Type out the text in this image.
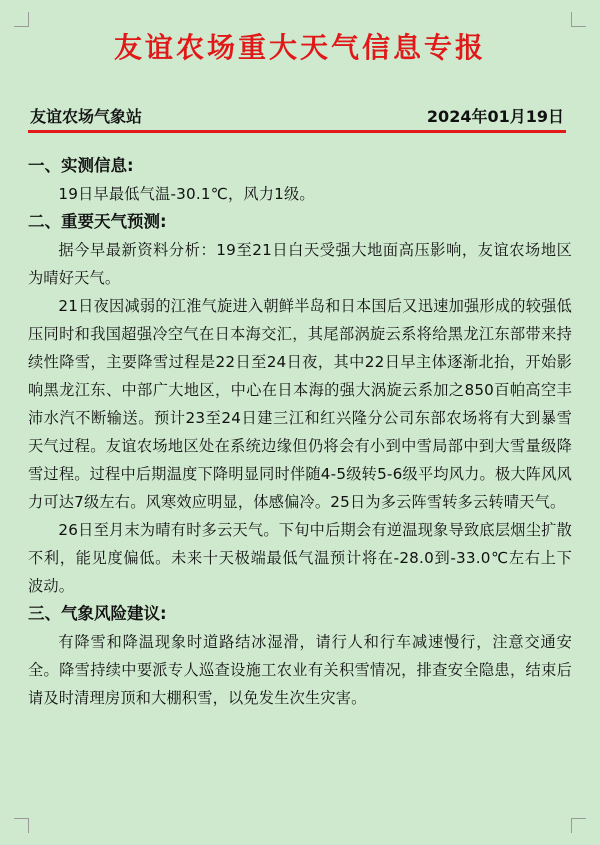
友谊农场重大天气信息专报
友谊农场气象站	2024年01月19日

一、实测信息:

19日早最低气温-30.1℃，风力1级。

二、重要天气预测:

据今早最新资料分析：19至21日白天受强大地面高压影响，友谊农场地区为晴好天气。

21日夜因减弱的江淮气旋进入朝鲜半岛和日本国后又迅速加强形成的较强低压同时和我国超强冷空气在日本海交汇，其尾部涡旋云系将给黑龙江东部带来持续性降雪，主要降雪过程是22日至24日夜，其中22日早主体逐渐北抬，开始影响黑龙江东、中部广大地区，中心在日本海的强大涡旋云系加之850百帕高空丰沛水汽不断输送。预计23至24日建三江和红兴隆分公司东部农场将有大到暴雪天气过程。友谊农场地区处在系统边缘但仍将会有小到中雪局部中到大雪量级降雪过程。过程中后期温度下降明显同时伴随4-5级转5-6级平均风力。极大阵风风力可达7级左右。风寒效应明显，体感偏冷。25日为多云阵雪转多云转晴天气。

26日至月末为晴有时多云天气。下旬中后期会有逆温现象导致底层烟尘扩散不利，能见度偏低。未来十天极端最低气温预计将在-28.0到-33.0℃左右上下波动。

三、气象风险建议:

有降雪和降温现象时道路结冰湿滑，请行人和行车减速慢行，注意交通安全。降雪持续中要派专人巡查设施工农业有关积雪情况，排查安全隐患，结束后请及时清理房顶和大棚积雪，以免发生次生灾害。
